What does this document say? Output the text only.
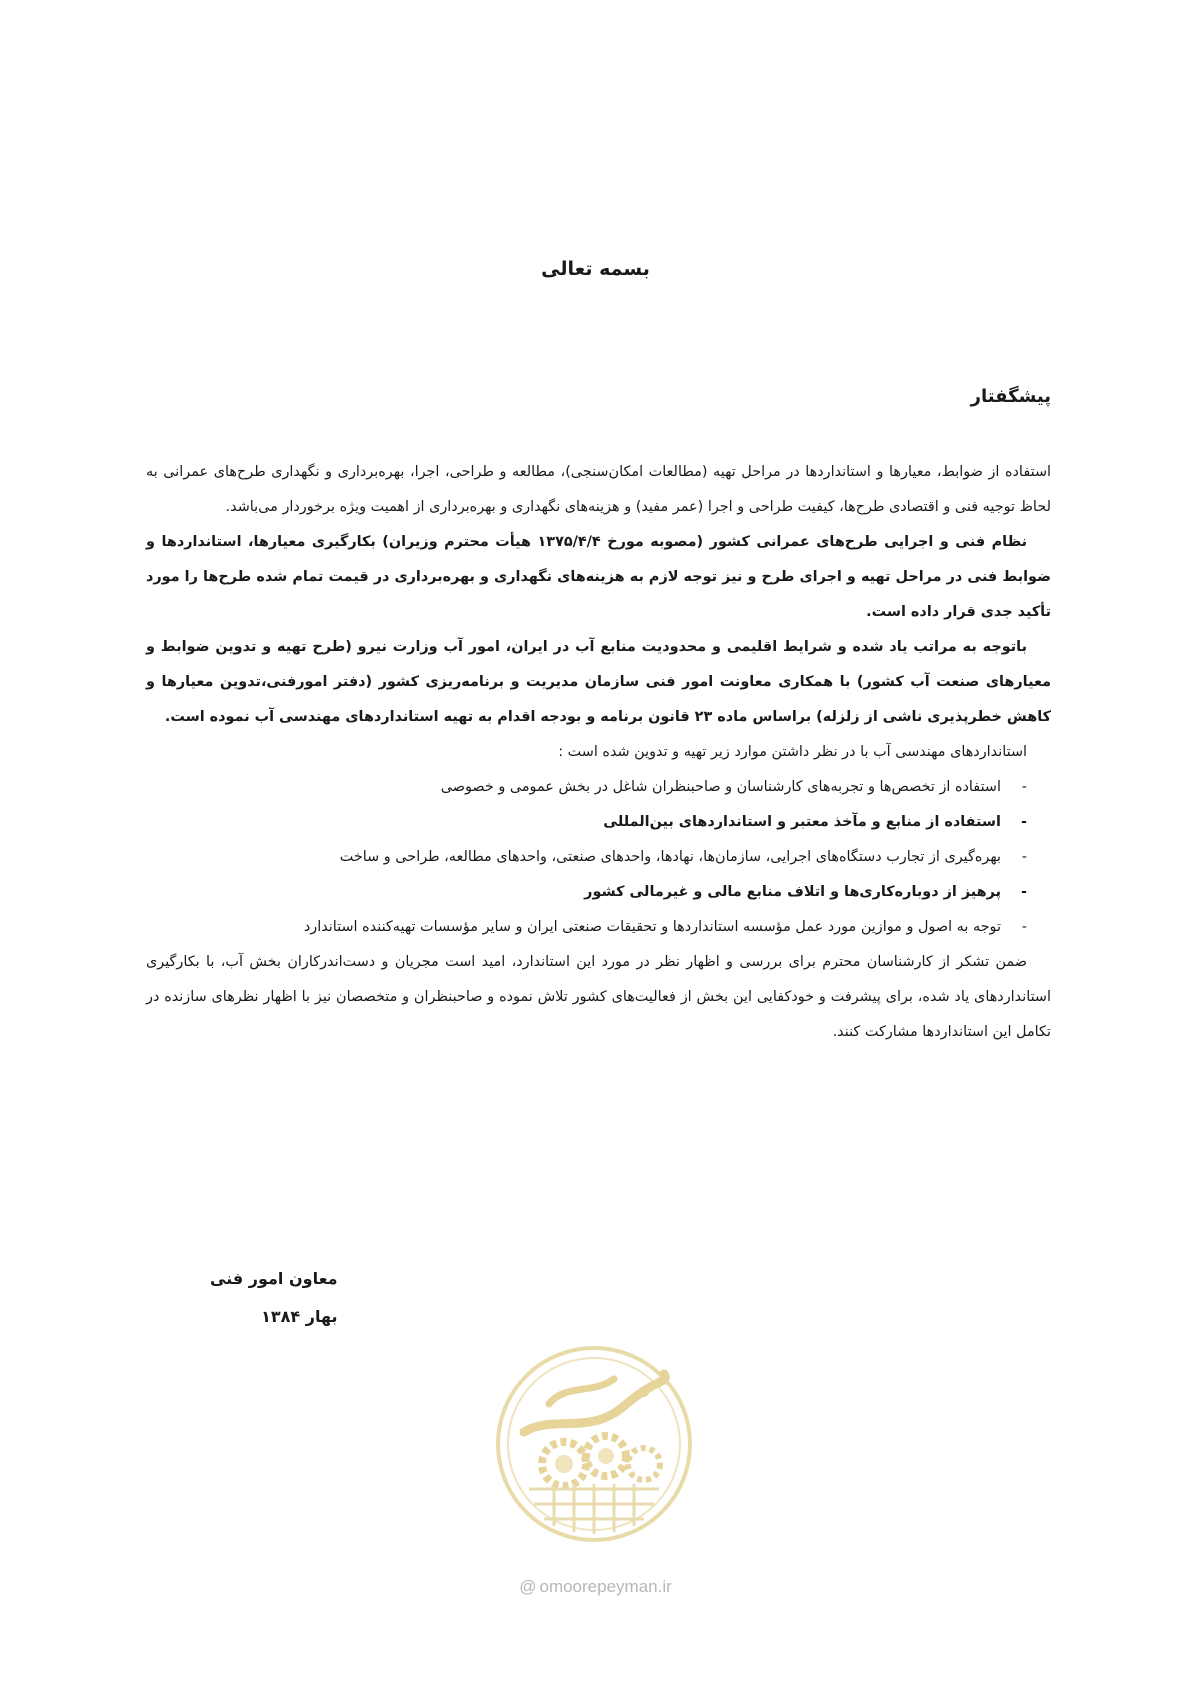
بسمه تعالی
پیشگفتار

استفاده از ضوابط، معیارها و استانداردها در مراحل تهیه (مطالعات امکان‌سنجی)، مطالعه و طراحی، اجرا، بهره‌برداری و نگهداری طرح‌های عمرانی به لحاظ توجیه فنی و اقتصادی طرح‌ها، کیفیت طراحی و اجرا (عمر مفید) و هزینه‌های نگهداری و بهره‌برداری از اهمیت ویژه برخوردار می‌باشد.

نظام فنی و اجرایی طرح‌های عمرانی کشور (مصوبه مورخ ۱۳۷۵/۴/۴ هیأت محترم وزیران) بکارگیری معیارها، استانداردها و ضوابط فنی در مراحل تهیه و اجرای طرح و نیز توجه لازم به هزینه‌های نگهداری و بهره‌برداری در قیمت تمام شده طرح‌ها را مورد تأکید جدی قرار داده است.

باتوجه به مراتب یاد شده و شرایط اقلیمی و محدودیت منابع آب در ایران، امور آب وزارت نیرو (طرح تهیه و تدوین ضوابط و معیارهای صنعت آب کشور) با همکاری معاونت امور فنی سازمان مدیریت و برنامه‌ریزی کشور (دفتر امورفنی،تدوین معیارها و کاهش خطرپذیری ناشی از زلزله) براساس ماده ۲۳ قانون برنامه و بودجه اقدام به تهیه استانداردهای مهندسی آب نموده است.

استانداردهای مهندسی آب با در نظر داشتن موارد زیر تهیه و تدوین شده است :

-
استفاده از تخصص‌ها و تجربه‌های کارشناسان و صاحبنظران شاغل در بخش عمومی و خصوصی
-
استفاده از منابع و مآخذ معتبر و استانداردهای بین‌المللی
-
بهره‌گیری از تجارب دستگاه‌های اجرایی، سازمان‌ها، نهادها، واحدهای صنعتی، واحدهای مطالعه، طراحی و ساخت
-
پرهیز از دوباره‌کاری‌ها و اتلاف منابع مالی و غیرمالی کشور
-
توجه به اصول و موازین مورد عمل مؤسسه استانداردها و تحقیقات صنعتی ایران و سایر مؤسسات تهیه‌کننده استاندارد

ضمن تشکر از کارشناسان محترم برای بررسی و اظهار نظر در مورد این استاندارد، امید است مجریان و دست‌اندرکاران بخش آب، با بکارگیری استانداردهای یاد شده، برای پیشرفت و خودکفایی این بخش از فعالیت‌های کشور تلاش نموده و صاحبنظران و متخصصان نیز با اظهار نظرهای سازنده در تکامل این استانداردها مشارکت کنند.

معاون امور فنی
بهار ۱۳۸۴
@ omoorepeyman.ir
